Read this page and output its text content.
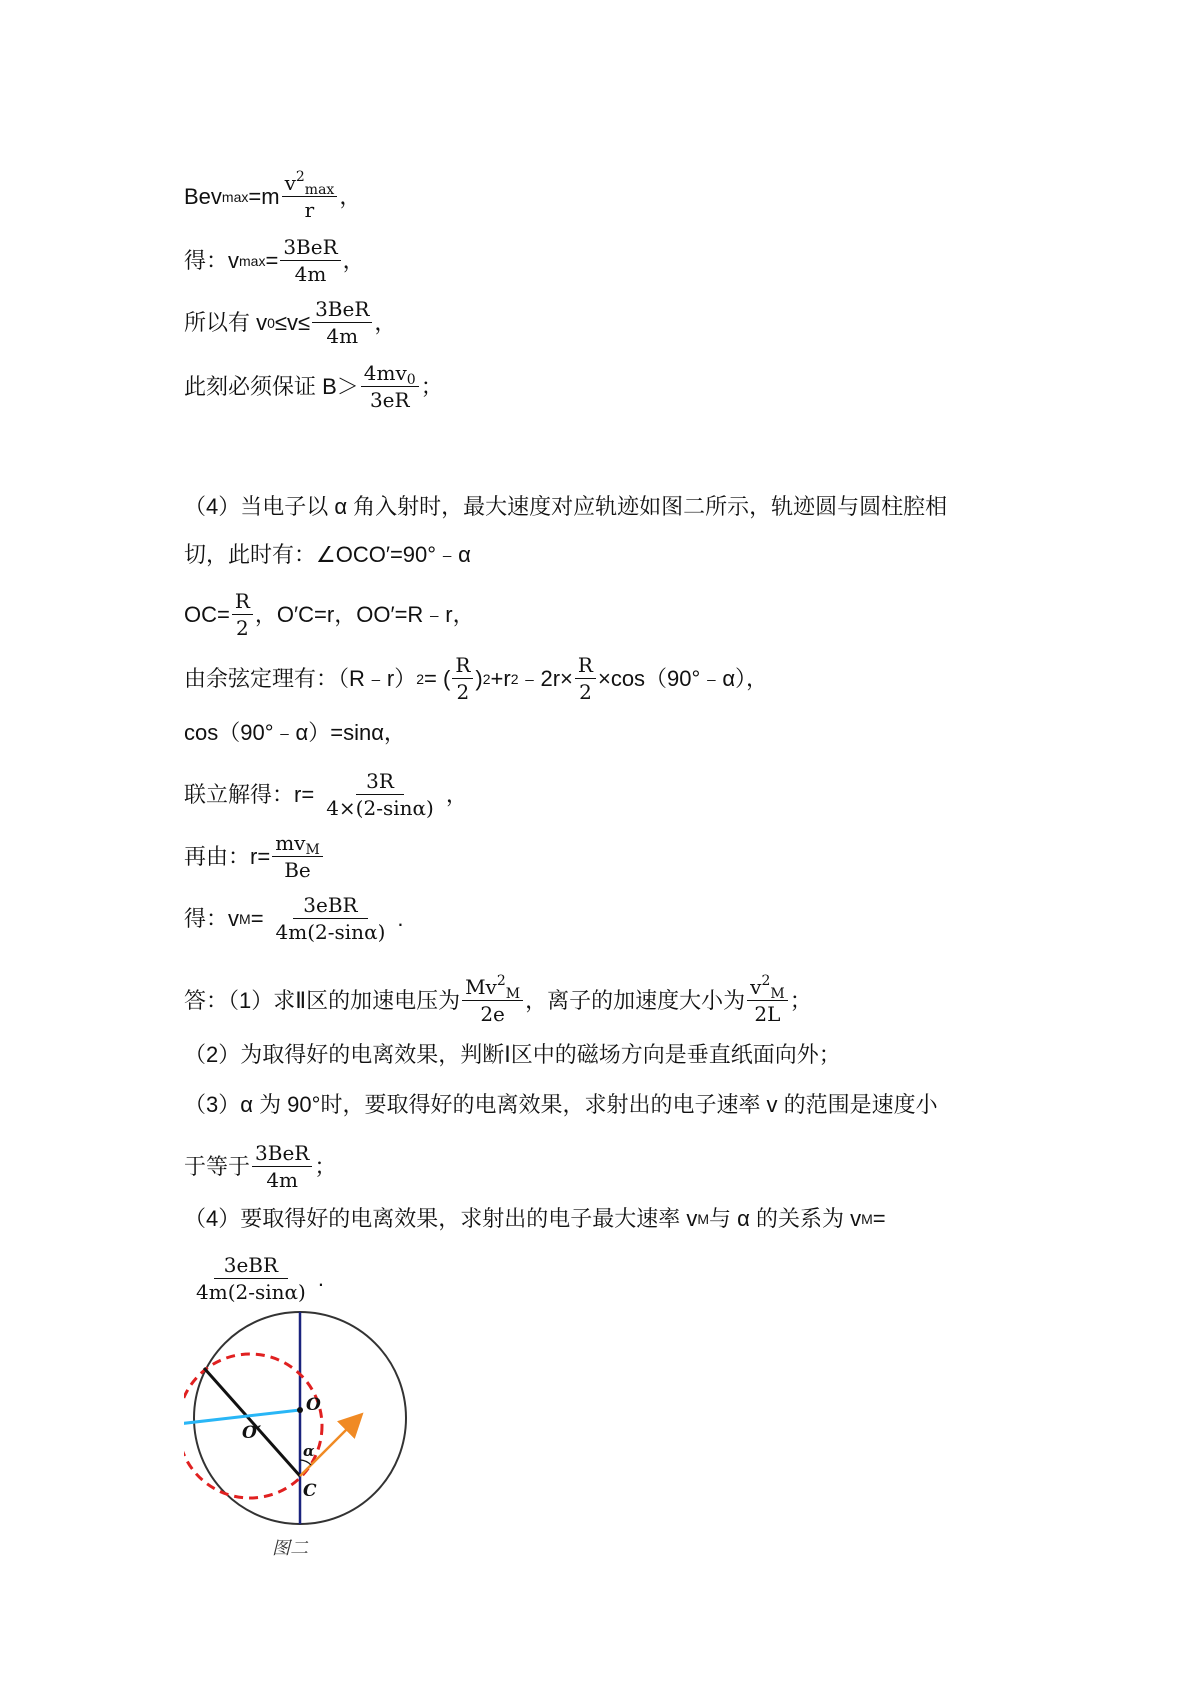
Bev $\max =m \frac{v^2_{max}}{r}$ ，
得： v $\max = \frac{\text{3BeR}}{4m}$ ，
所以有 v $0 \le v\le \frac{\text{3BeR}}{4m}$ ，
此刻必须保证 $B> \frac{4mv_0}{3eR}$ ；
（4）当电子以 α 角入射时，最大速度对应轨迹如图二所示，轨迹圆与圆柱腔相
切，此时有：∠OCO′=90°﹣α
$OC= \frac{R}{2}$ ，O′C=r，OO′=R﹣r，
由余弦定理有：（R﹣r） 2 = ( $\frac{R}{2}$ ) 2 +r 2 ﹣2r× $\frac{R}{2}$ ×cos（90°﹣α），
cos（90°﹣α）=sinα，
联立解得：$r= \frac{3R}{4\times(2-\sin\alpha)}$ ，
再由：$r= \frac{mv_M}{Be}$
得：v $M = \frac{\text{3eBR}}{4m(2-\sin\alpha)}$ .
答：（1）求Ⅱ区的加速电压为 $\frac{Mv^2_M}{2e}$ ，离子的加速度大小为 $\frac{v^2_M}{2L}$ ；
（2）为取得好的电离效果，判断Ⅰ区中的磁场方向是垂直纸面向外；
（3）α 为 90°时，要取得好的电离效果，求射出的电子速率 v 的范围是速度小
于等于 $\frac{\text{3BeR}}{4m}$ ；
（4）要取得好的电离效果，求射出的电子最大速率 v M 与 α 的关系为 v M =
$\frac{\text{3eBR}}{4m(2-\sin\alpha)}$ .
O
O′
α
C
图二
